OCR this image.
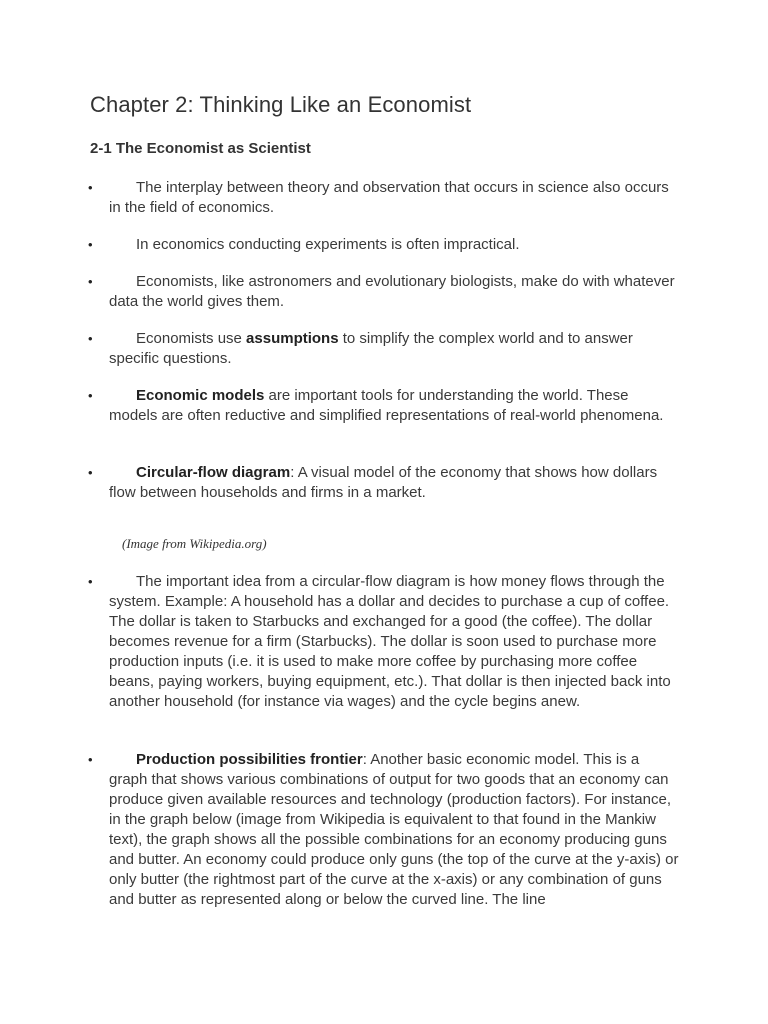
Chapter 2: Thinking Like an Economist
2-1 The Economist as Scientist
•	The interplay between theory and observation that occurs in science also occurs in the field of economics.
•	In economics conducting experiments is often impractical.
•	Economists, like astronomers and evolutionary biologists, make do with whatever data the world gives them.
•	Economists use assumptions to simplify the complex world and to answer specific questions.
•	Economic models are important tools for understanding the world. These models are often reductive and simplified representations of real-world phenomena.
•	Circular-flow diagram: A visual model of the economy that shows how dollars flow between households and firms in a market.
•	The important idea from a circular-flow diagram is how money flows through the system. Example: A household has a dollar and decides to purchase a cup of coffee. The dollar is taken to Starbucks and exchanged for a good (the coffee). The dollar becomes revenue for a firm (Starbucks). The dollar is soon used to purchase more production inputs (i.e. it is used to make more coffee by purchasing more coffee beans, paying workers, buying equipment, etc.). That dollar is then injected back into another household (for instance via wages) and the cycle begins anew.
•	Production possibilities frontier: Another basic economic model. This is a graph that shows various combinations of output for two goods that an economy can produce given available resources and technology (production factors). For instance, in the graph below (image from Wikipedia is equivalent to that found in the Mankiw text), the graph shows all the possible combinations for an economy producing guns and butter. An economy could produce only guns (the top of the curve at the y-axis) or only butter (the rightmost part of the curve at the x-axis) or any combination of guns and butter as represented along or below the curved line. The line

(Image from Wikipedia.org)
